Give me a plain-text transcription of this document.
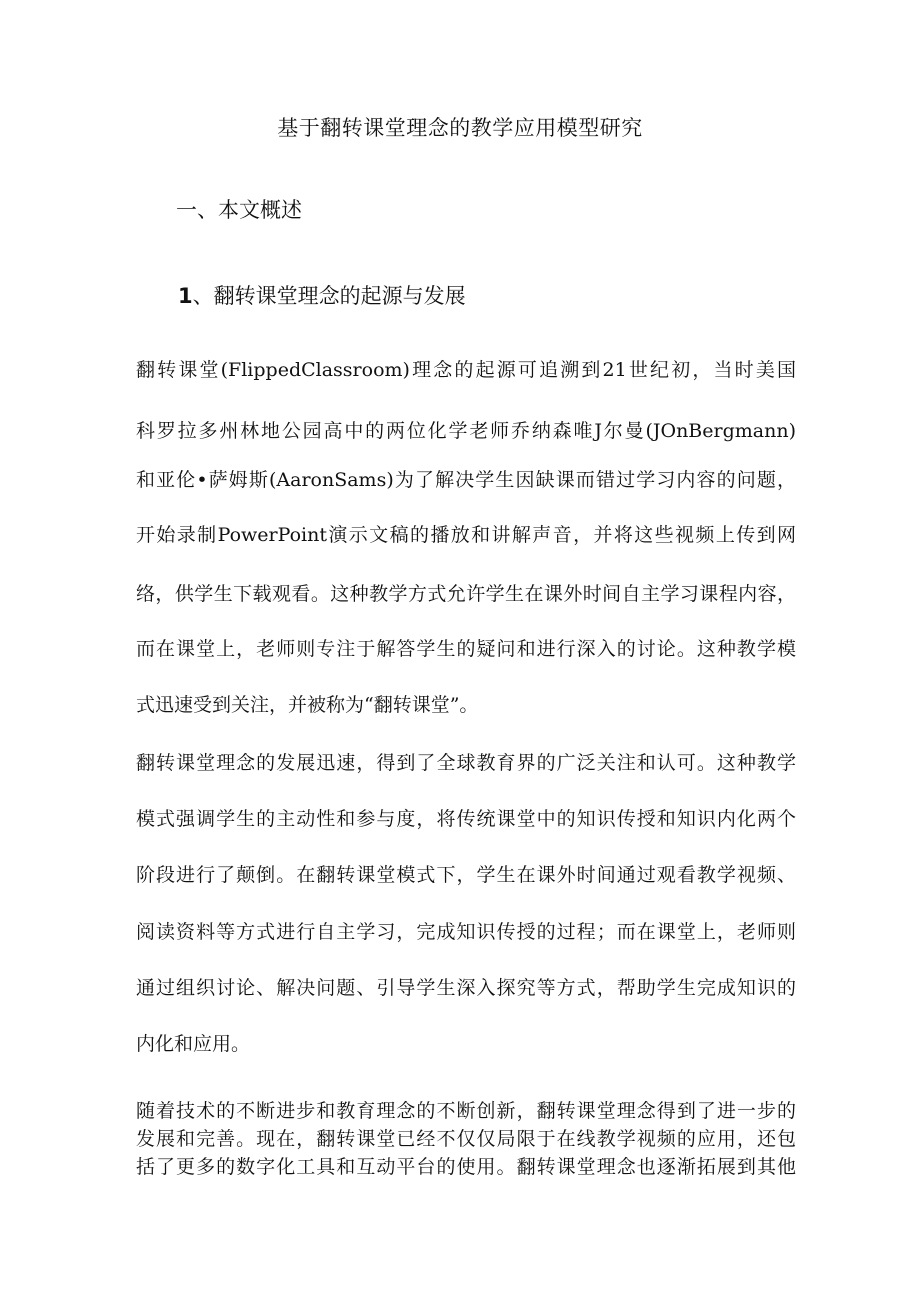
基于翻转课堂理念的教学应用模型研究
一、本文概述
1、翻转课堂理念的起源与发展
翻转课堂(FlippedClassroom)理念的起源可追溯到21世纪初，当时美国
科罗拉多州林地公园高中的两位化学老师乔纳森唯J尔曼(JOnBergmann)
和亚伦•萨姆斯(AaronSams)为了解决学生因缺课而错过学习内容的问题，
开始录制PowerPoint演示文稿的播放和讲解声音，并将这些视频上传到网
络，供学生下载观看。这种教学方式允许学生在课外时间自主学习课程内容，
而在课堂上，老师则专注于解答学生的疑问和进行深入的讨论。这种教学模
式迅速受到关注，并被称为“翻转课堂”。
翻转课堂理念的发展迅速，得到了全球教育界的广泛关注和认可。这种教学
模式强调学生的主动性和参与度，将传统课堂中的知识传授和知识内化两个
阶段进行了颠倒。在翻转课堂模式下，学生在课外时间通过观看教学视频、
阅读资料等方式进行自主学习，完成知识传授的过程；而在课堂上，老师则
通过组织讨论、解决问题、引导学生深入探究等方式，帮助学生完成知识的
内化和应用。
随着技术的不断进步和教育理念的不断创新，翻转课堂理念得到了进一步的
发展和完善。现在，翻转课堂已经不仅仅局限于在线教学视频的应用，还包
括了更多的数字化工具和互动平台的使用。翻转课堂理念也逐渐拓展到其他
